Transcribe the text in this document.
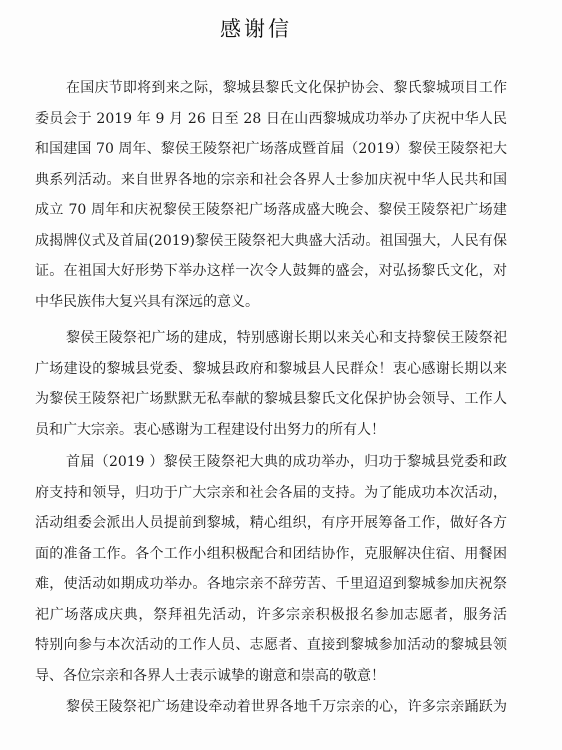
感谢信
在国庆节即将到来之际，黎城县黎氏文化保护协会、黎氏黎城项目工作
委员会于 2019 年 9 月 26 日至 28 日在山西黎城成功举办了庆祝中华人民
和国建国 70 周年、黎侯王陵祭祀广场落成暨首届（2019）黎侯王陵祭祀大
典系列活动。来自世界各地的宗亲和社会各界人士参加庆祝中华人民共和国
成立 70 周年和庆祝黎侯王陵祭祀广场落成盛大晚会、黎侯王陵祭祀广场建
成揭牌仪式及首届(2019)黎侯王陵祭祀大典盛大活动。祖国强大，人民有保
证。在祖国大好形势下举办这样一次令人鼓舞的盛会，对弘扬黎氏文化，对
中华民族伟大复兴具有深远的意义。
黎侯王陵祭祀广场的建成，特别感谢长期以来关心和支持黎侯王陵祭祀
广场建设的黎城县党委、黎城县政府和黎城县人民群众！衷心感谢长期以来
为黎侯王陵祭祀广场默默无私奉献的黎城县黎氏文化保护协会领导、工作人
员和广大宗亲。衷心感谢为工程建设付出努力的所有人！
首届（2019 ）黎侯王陵祭祀大典的成功举办，归功于黎城县党委和政
府支持和领导，归功于广大宗亲和社会各届的支持。为了能成功本次活动，
活动组委会派出人员提前到黎城，精心组织，有序开展筹备工作，做好各方
面的准备工作。各个工作小组积极配合和团结协作，克服解决住宿、用餐困
难，使活动如期成功举办。各地宗亲不辞劳苦、千里迢迢到黎城参加庆祝祭
祀广场落成庆典，祭拜祖先活动，许多宗亲积极报名参加志愿者，服务活
特别向参与本次活动的工作人员、志愿者、直接到黎城参加活动的黎城县领
导、各位宗亲和各界人士表示诚挚的谢意和崇高的敬意！
黎侯王陵祭祀广场建设牵动着世界各地千万宗亲的心，许多宗亲踊跃为
